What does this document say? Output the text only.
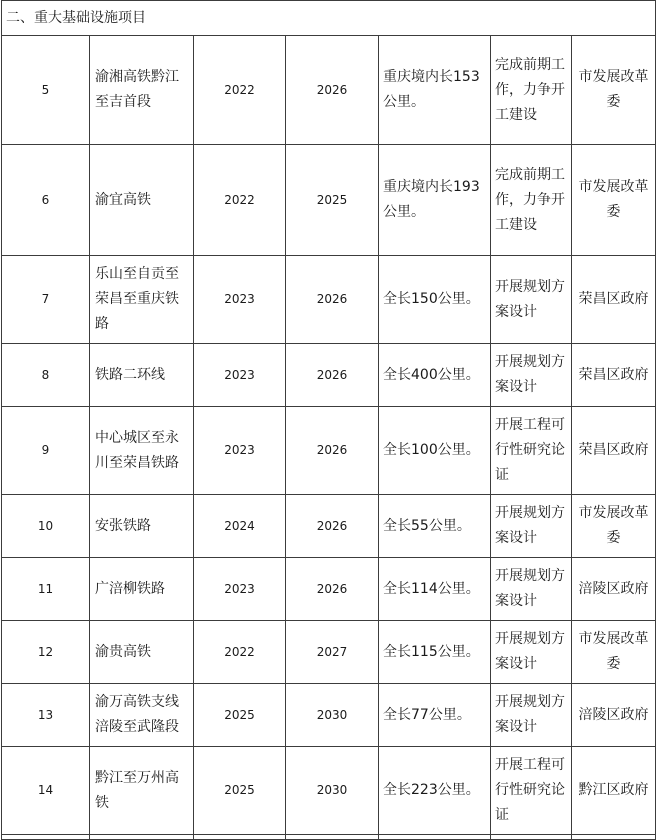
二、重大基础设施项目						
5	渝湘高铁黔江至吉首段	2022	2026	重庆境内长153公里。	完成前期工作，力争开工建设	市发展改革委
6	渝宜高铁	2022	2025	重庆境内长193公里。	完成前期工作，力争开工建设	市发展改革委
7	乐山至自贡至荣昌至重庆铁路	2023	2026	全长150公里。	开展规划方案设计	荣昌区政府
8	铁路二环线	2023	2026	全长400公里。	开展规划方案设计	荣昌区政府
9	中心城区至永川至荣昌铁路	2023	2026	全长100公里。	开展工程可行性研究论证	荣昌区政府
10	安张铁路	2024	2026	全长55公里。	开展规划方案设计	市发展改革委
11	广涪柳铁路	2023	2026	全长114公里。	开展规划方案设计	涪陵区政府
12	渝贵高铁	2022	2027	全长115公里。	开展规划方案设计	市发展改革委
13	渝万高铁支线涪陵至武隆段	2025	2030	全长77公里。	开展规划方案设计	涪陵区政府
14	黔江至万州高铁	2025	2030	全长223公里。	开展工程可行性研究论证	黔江区政府
